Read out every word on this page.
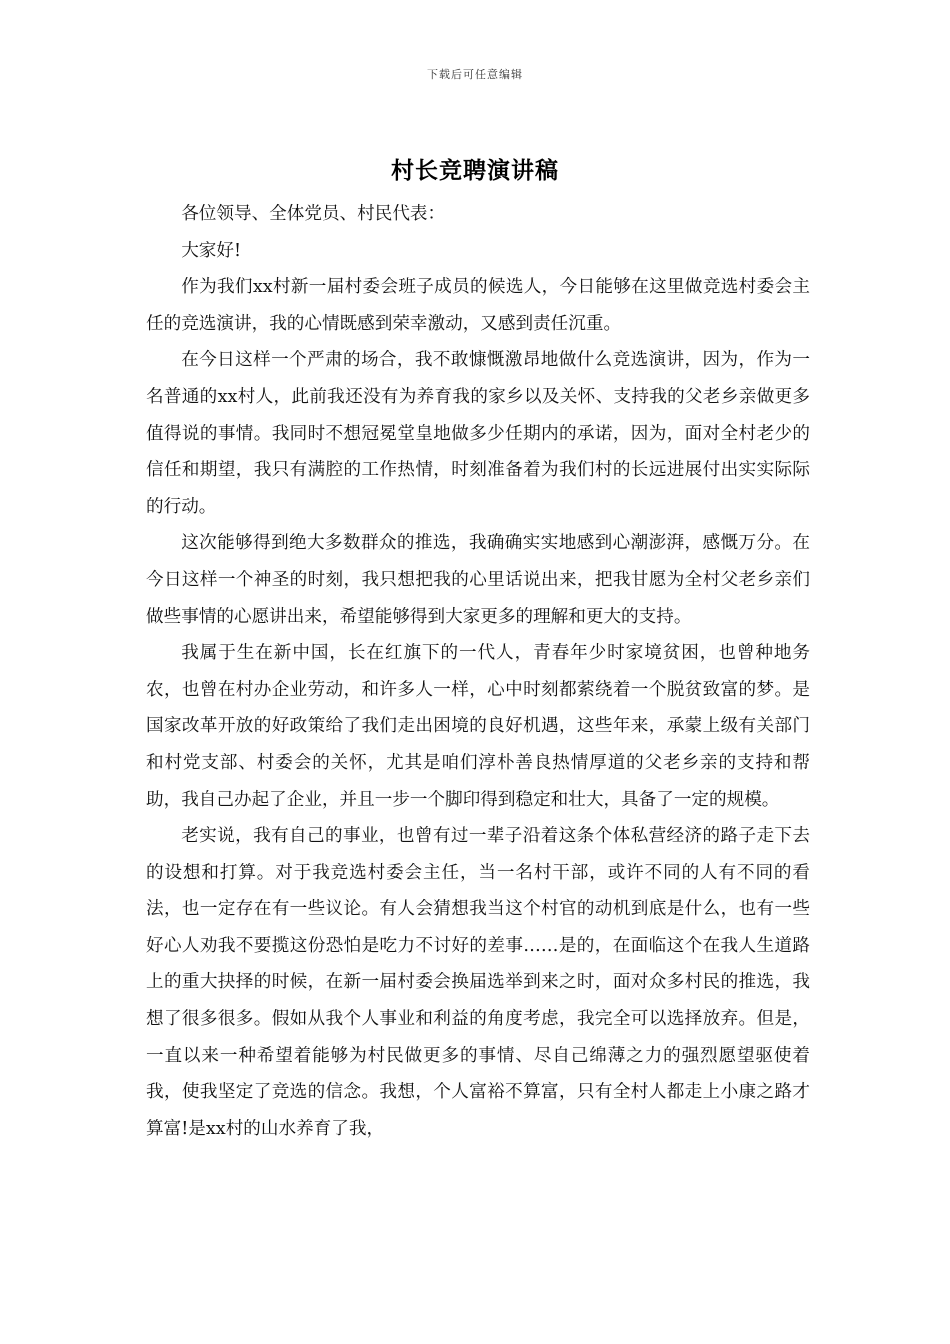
下载后可任意编辑
村长竞聘演讲稿

各位领导、全体党员、村民代表：

大家好!

作为我们xx村新一届村委会班子成员的候选人，今日能够在这里做竞选村委会主任的竞选演讲，我的心情既感到荣幸激动，又感到责任沉重。

在今日这样一个严肃的场合，我不敢慷慨激昂地做什么竞选演讲，因为，作为一名普通的xx村人，此前我还没有为养育我的家乡以及关怀、支持我的父老乡亲做更多值得说的事情。我同时不想冠冕堂皇地做多少任期内的承诺，因为，面对全村老少的信任和期望，我只有满腔的工作热情，时刻准备着为我们村的长远进展付出实实际际的行动。

这次能够得到绝大多数群众的推选，我确确实实地感到心潮澎湃，感慨万分。在今日这样一个神圣的时刻，我只想把我的心里话说出来，把我甘愿为全村父老乡亲们做些事情的心愿讲出来，希望能够得到大家更多的理解和更大的支持。

我属于生在新中国，长在红旗下的一代人，青春年少时家境贫困，也曾种地务农，也曾在村办企业劳动，和许多人一样，心中时刻都萦绕着一个脱贫致富的梦。是国家改革开放的好政策给了我们走出困境的良好机遇，这些年来，承蒙上级有关部门和村党支部、村委会的关怀，尤其是咱们淳朴善良热情厚道的父老乡亲的支持和帮助，我自己办起了企业，并且一步一个脚印得到稳定和壮大，具备了一定的规模。

老实说，我有自己的事业，也曾有过一辈子沿着这条个体私营经济的路子走下去的设想和打算。对于我竞选村委会主任，当一名村干部，或许不同的人有不同的看法，也一定存在有一些议论。有人会猜想我当这个村官的动机到底是什么，也有一些好心人劝我不要揽这份恐怕是吃力不讨好的差事……是的，在面临这个在我人生道路上的重大抉择的时候，在新一届村委会换届选举到来之时，面对众多村民的推选，我想了很多很多。假如从我个人事业和利益的角度考虑，我完全可以选择放弃。但是，一直以来一种希望着能够为村民做更多的事情、尽自己绵薄之力的强烈愿望驱使着我，使我坚定了竞选的信念。我想，个人富裕不算富，只有全村人都走上小康之路才算富!是xx村的山水养育了我，
